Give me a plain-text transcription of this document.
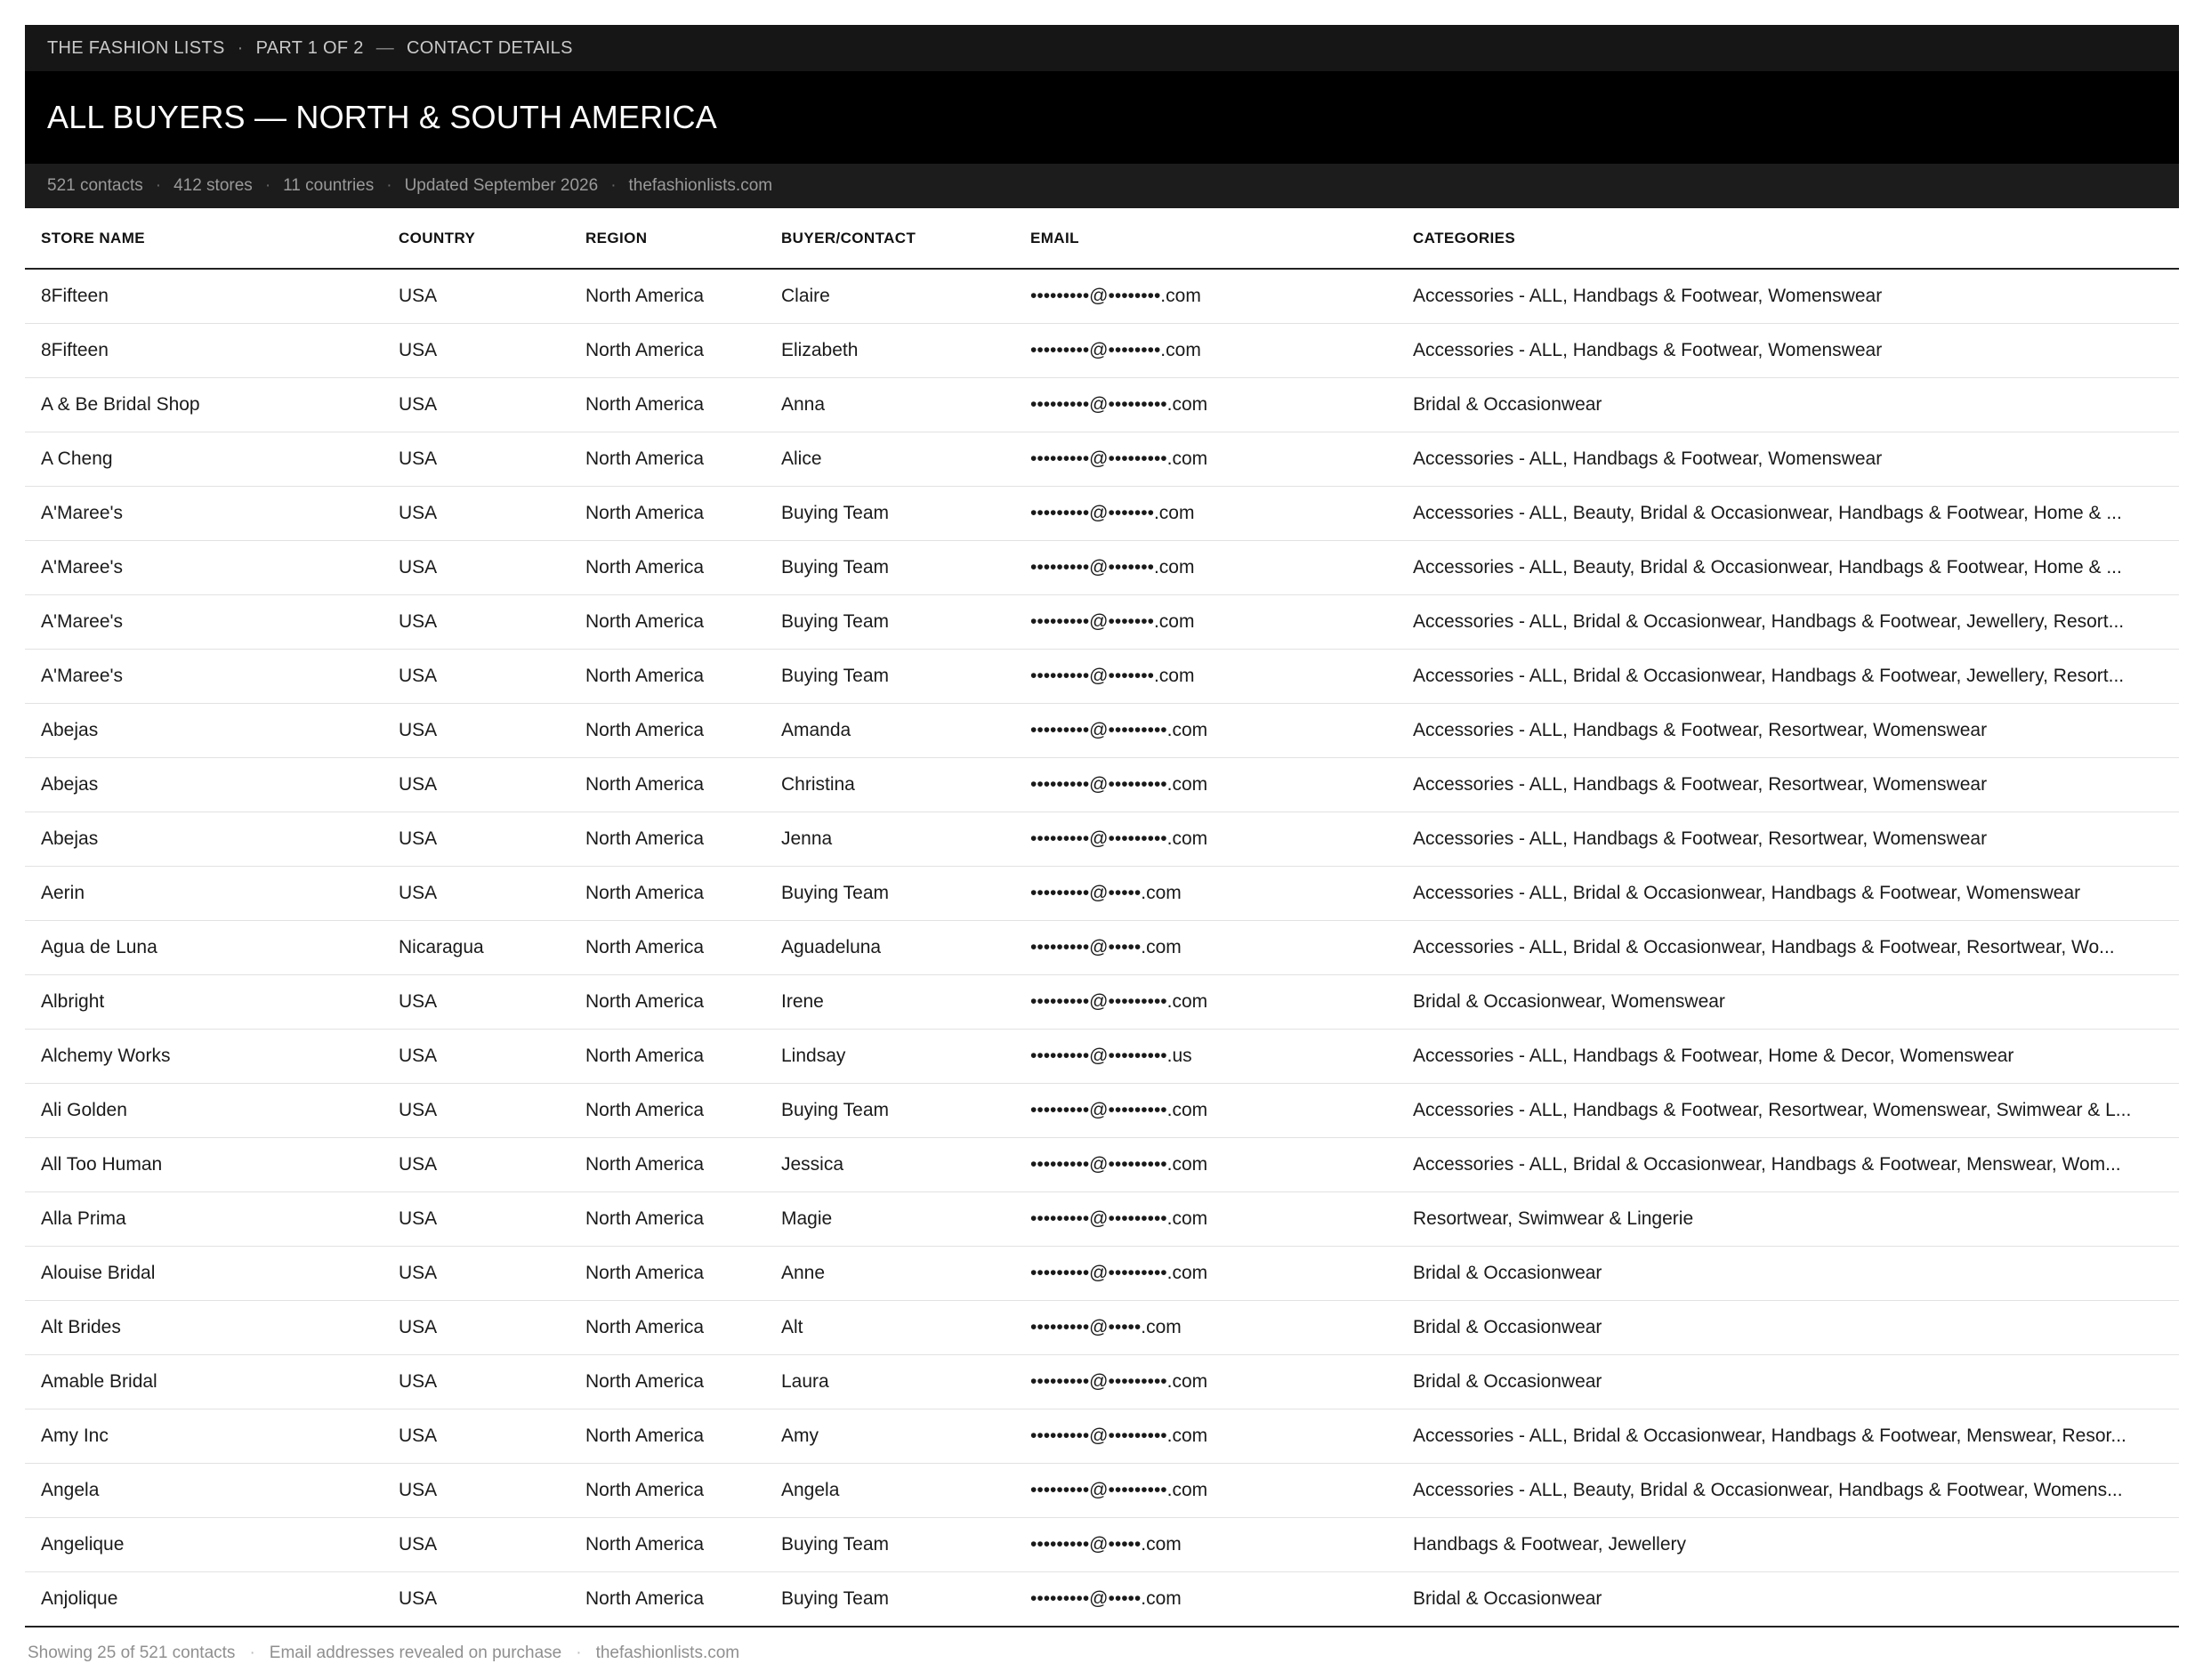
THE FASHION LISTS · PART 1 OF 2 — CONTACT DETAILS
ALL BUYERS — NORTH & SOUTH AMERICA
521 contacts · 412 stores · 11 countries · Updated September 2026 · thefashionlists.com
STORE NAME	COUNTRY	REGION	BUYER/CONTACT	EMAIL	CATEGORIES
8Fifteen	USA	North America	Claire	•••••••••@••••••••.com	Accessories - ALL, Handbags & Footwear, Womenswear
8Fifteen	USA	North America	Elizabeth	•••••••••@••••••••.com	Accessories - ALL, Handbags & Footwear, Womenswear
A & Be Bridal Shop	USA	North America	Anna	•••••••••@•••••••••.com	Bridal & Occasionwear
A Cheng	USA	North America	Alice	•••••••••@•••••••••.com	Accessories - ALL, Handbags & Footwear, Womenswear
A'Maree's	USA	North America	Buying Team	•••••••••@•••••••.com	Accessories - ALL, Beauty, Bridal & Occasionwear, Handbags & Footwear, Home & ...
A'Maree's	USA	North America	Buying Team	•••••••••@•••••••.com	Accessories - ALL, Beauty, Bridal & Occasionwear, Handbags & Footwear, Home & ...
A'Maree's	USA	North America	Buying Team	•••••••••@•••••••.com	Accessories - ALL, Bridal & Occasionwear, Handbags & Footwear, Jewellery, Resort...
A'Maree's	USA	North America	Buying Team	•••••••••@•••••••.com	Accessories - ALL, Bridal & Occasionwear, Handbags & Footwear, Jewellery, Resort...
Abejas	USA	North America	Amanda	•••••••••@•••••••••.com	Accessories - ALL, Handbags & Footwear, Resortwear, Womenswear
Abejas	USA	North America	Christina	•••••••••@•••••••••.com	Accessories - ALL, Handbags & Footwear, Resortwear, Womenswear
Abejas	USA	North America	Jenna	•••••••••@•••••••••.com	Accessories - ALL, Handbags & Footwear, Resortwear, Womenswear
Aerin	USA	North America	Buying Team	•••••••••@•••••.com	Accessories - ALL, Bridal & Occasionwear, Handbags & Footwear, Womenswear
Agua de Luna	Nicaragua	North America	Aguadeluna	•••••••••@•••••.com	Accessories - ALL, Bridal & Occasionwear, Handbags & Footwear, Resortwear, Wo...
Albright	USA	North America	Irene	•••••••••@•••••••••.com	Bridal & Occasionwear, Womenswear
Alchemy Works	USA	North America	Lindsay	•••••••••@•••••••••.us	Accessories - ALL, Handbags & Footwear, Home & Decor, Womenswear
Ali Golden	USA	North America	Buying Team	•••••••••@•••••••••.com	Accessories - ALL, Handbags & Footwear, Resortwear, Womenswear, Swimwear & L...
All Too Human	USA	North America	Jessica	•••••••••@•••••••••.com	Accessories - ALL, Bridal & Occasionwear, Handbags & Footwear, Menswear, Wom...
Alla Prima	USA	North America	Magie	•••••••••@•••••••••.com	Resortwear, Swimwear & Lingerie
Alouise Bridal	USA	North America	Anne	•••••••••@•••••••••.com	Bridal & Occasionwear
Alt Brides	USA	North America	Alt	•••••••••@•••••.com	Bridal & Occasionwear
Amable Bridal	USA	North America	Laura	•••••••••@•••••••••.com	Bridal & Occasionwear
Amy Inc	USA	North America	Amy	•••••••••@•••••••••.com	Accessories - ALL, Bridal & Occasionwear, Handbags & Footwear, Menswear, Resor...
Angela	USA	North America	Angela	•••••••••@•••••••••.com	Accessories - ALL, Beauty, Bridal & Occasionwear, Handbags & Footwear, Womens...
Angelique	USA	North America	Buying Team	•••••••••@•••••.com	Handbags & Footwear, Jewellery
Anjolique	USA	North America	Buying Team	•••••••••@•••••.com	Bridal & Occasionwear
Showing 25 of 521 contacts · Email addresses revealed on purchase · thefashionlists.com
